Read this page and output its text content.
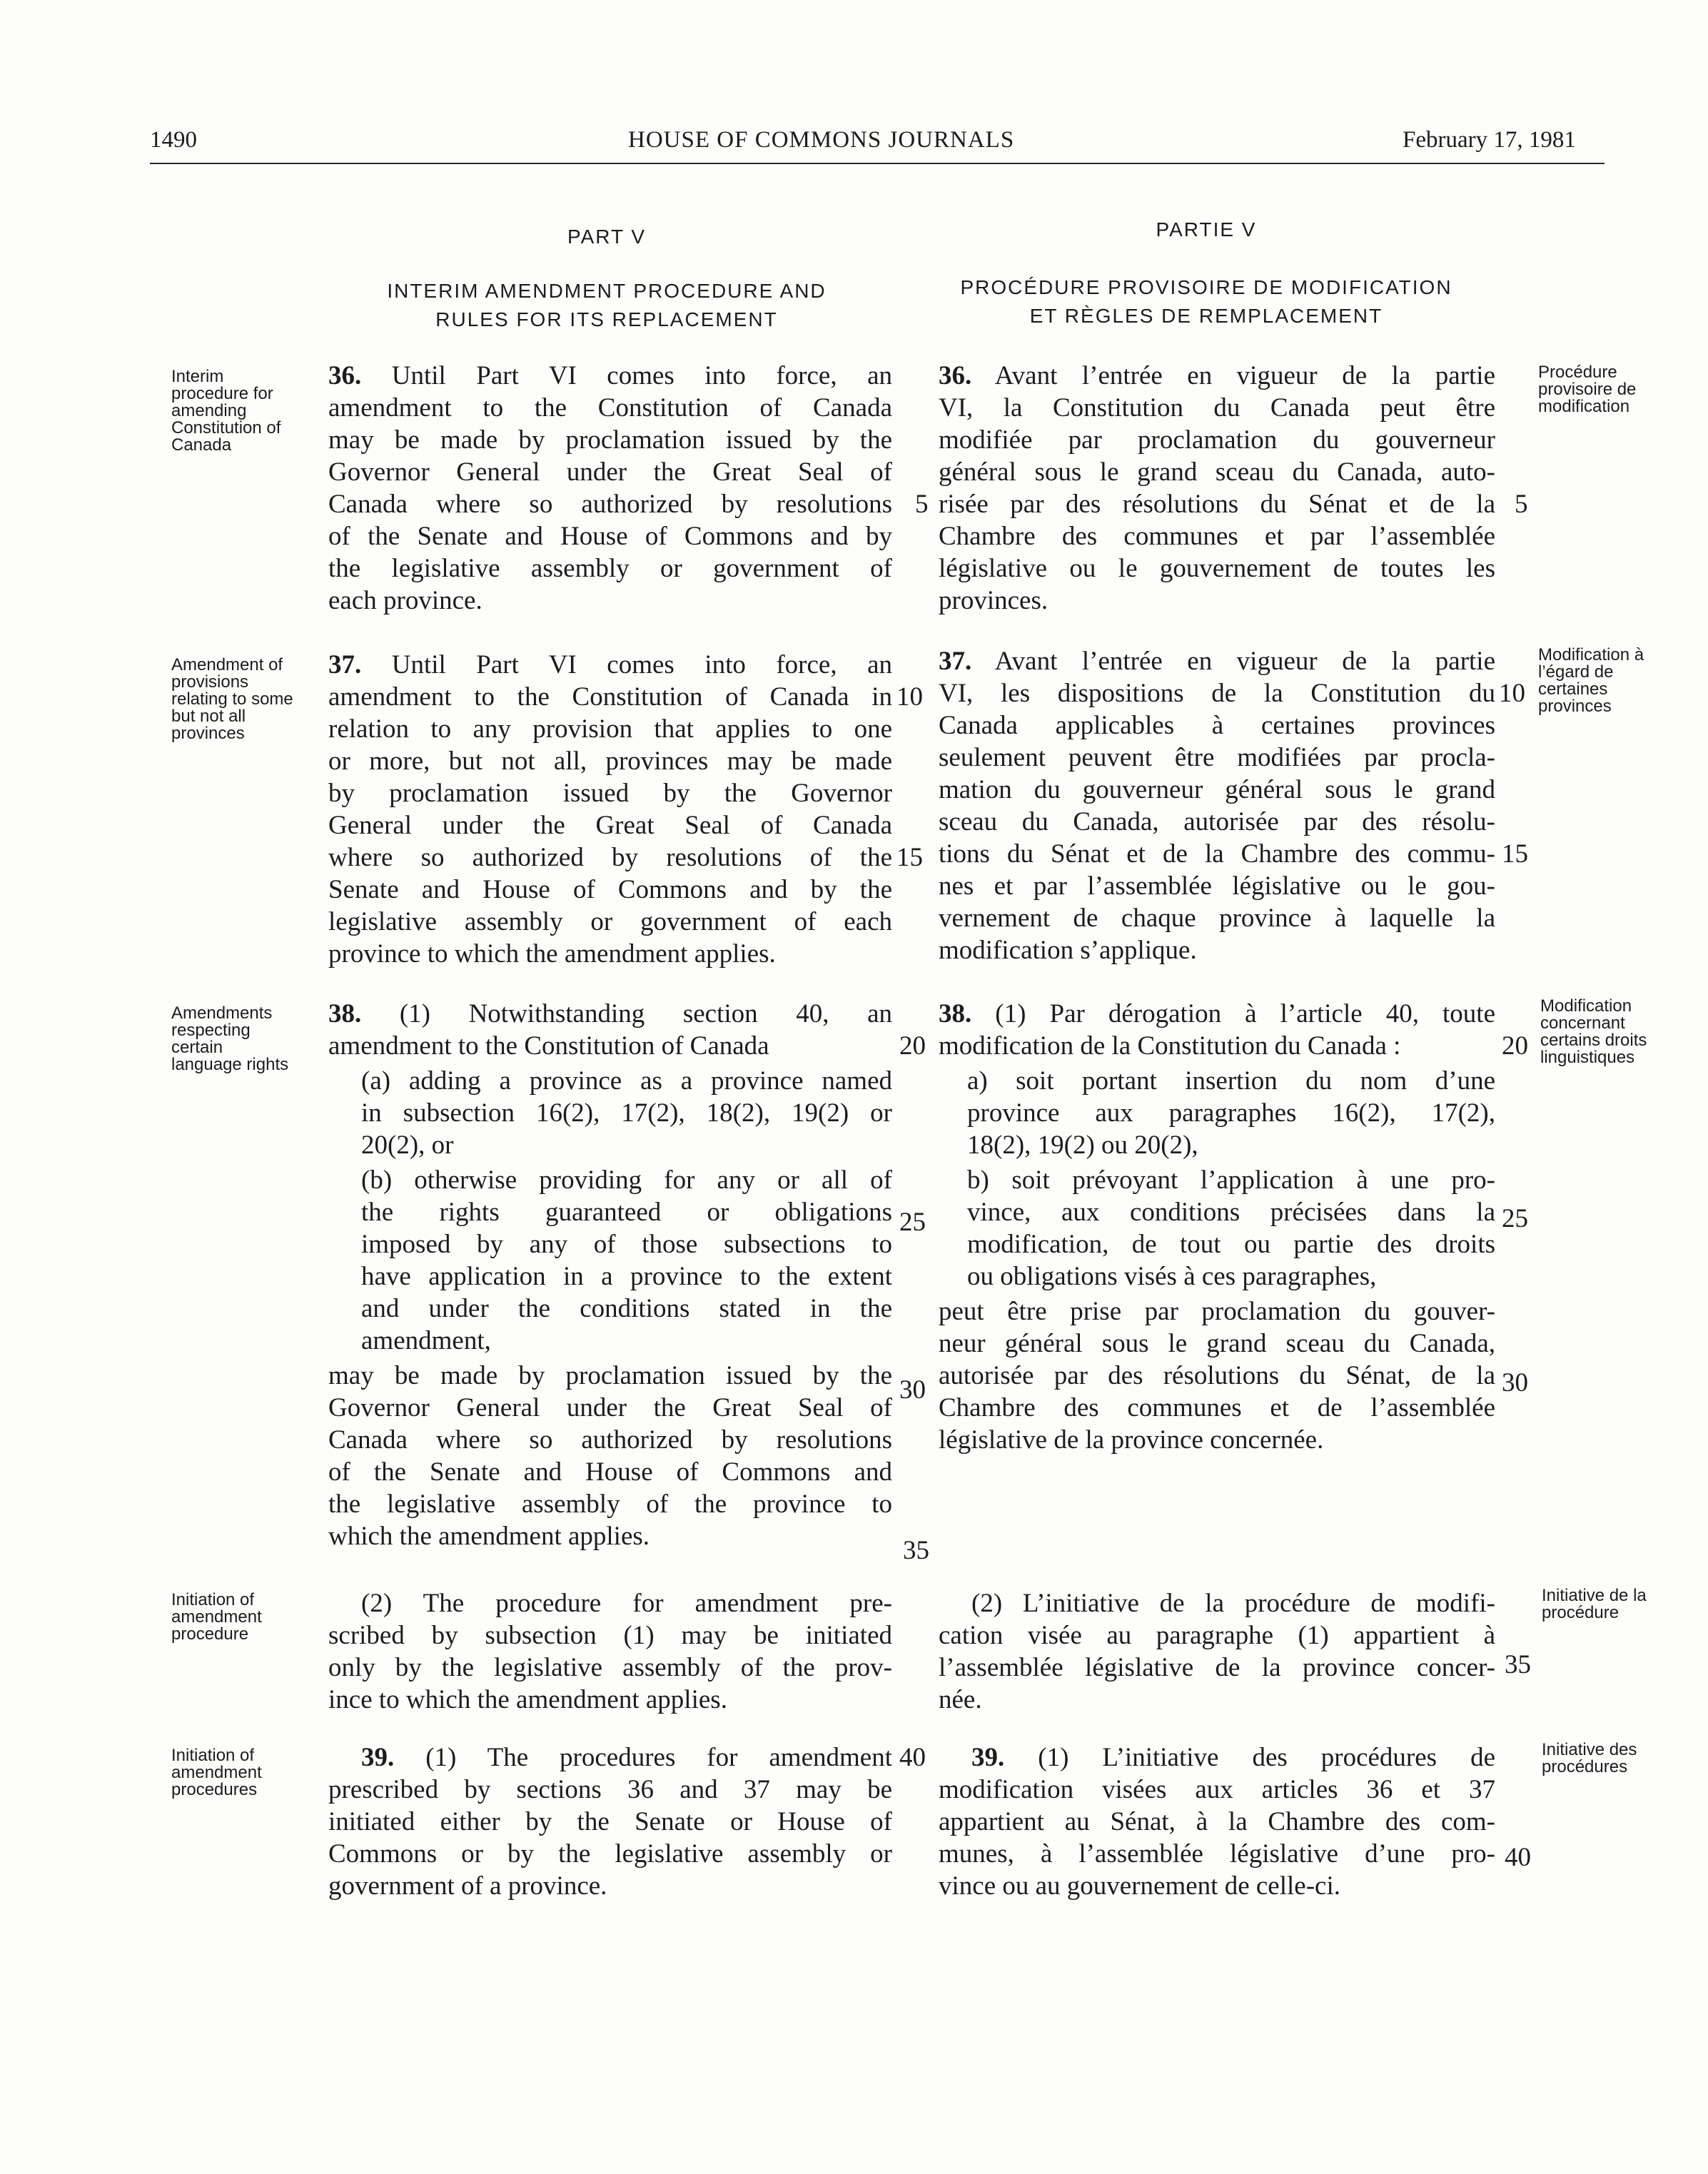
1490	HOUSE OF COMMONS JOURNALS	February 17, 1981
PART V	PARTIE V
INTERIM AMENDMENT PROCEDURE AND
RULES FOR ITS REPLACEMENT
PROCÉDURE PROVISOIRE DE MODIFICATION
ET RÈGLES DE REMPLACEMENT
Interim
procedure for
amending
Constitution of
Canada
36. Until Part VI comes into force, an
amendment to the Constitution of Canada
may be made by proclamation issued by the
Governor General under the Great Seal of
Canada where so authorized by resolutions
of the Senate and House of Commons and by
the legislative assembly or government of
each province.
36. Avant l’entrée en vigueur de la partie
VI, la Constitution du Canada peut être
modifiée par proclamation du gouverneur
général sous le grand sceau du Canada, auto-
risée par des résolutions du Sénat et de la
Chambre des communes et par l’assemblée
législative ou le gouvernement de toutes les
provinces.
Procédure
provisoire de
modification
Amendment of
provisions
relating to some
but not all
provinces
37. Until Part VI comes into force, an
amendment to the Constitution of Canada in
relation to any provision that applies to one
or more, but not all, provinces may be made
by proclamation issued by the Governor
General under the Great Seal of Canada
where so authorized by resolutions of the
Senate and House of Commons and by the
legislative assembly or government of each
province to which the amendment applies.
37. Avant l’entrée en vigueur de la partie
VI, les dispositions de la Constitution du
Canada applicables à certaines provinces
seulement peuvent être modifiées par procla-
mation du gouverneur général sous le grand
sceau du Canada, autorisée par des résolu-
tions du Sénat et de la Chambre des commu-
nes et par l’assemblée législative ou le gou-
vernement de chaque province à laquelle la
modification s’applique.
Modification à
l’égard de
certaines
provinces
Amendments
respecting
certain
language rights
38. (1) Notwithstanding section 40, an
amendment to the Constitution of Canada
(a) adding a province as a province named
in subsection 16(2), 17(2), 18(2), 19(2) or
20(2), or
(b) otherwise providing for any or all of
the rights guaranteed or obligations
imposed by any of those subsections to
have application in a province to the extent
and under the conditions stated in the
amendment,
may be made by proclamation issued by the
Governor General under the Great Seal of
Canada where so authorized by resolutions
of the Senate and House of Commons and
the legislative assembly of the province to
which the amendment applies.
38. (1) Par dérogation à l’article 40, toute
modification de la Constitution du Canada :
a) soit portant insertion du nom d’une
province aux paragraphes 16(2), 17(2),
18(2), 19(2) ou 20(2),
b) soit prévoyant l’application à une pro-
vince, aux conditions précisées dans la
modification, de tout ou partie des droits
ou obligations visés à ces paragraphes,
peut être prise par proclamation du gouver-
neur général sous le grand sceau du Canada,
autorisée par des résolutions du Sénat, de la
Chambre des communes et de l’assemblée
législative de la province concernée.
Modification
concernant
certains droits
linguistiques
Initiation of
amendment
procedure
(2) The procedure for amendment pre-
scribed by subsection (1) may be initiated
only by the legislative assembly of the prov-
ince to which the amendment applies.
(2) L’initiative de la procédure de modifi-
cation visée au paragraphe (1) appartient à
l’assemblée législative de la province concer-
née.
Initiative de la
procédure
Initiation of
amendment
procedures
39. (1) The procedures for amendment
prescribed by sections 36 and 37 may be
initiated either by the Senate or House of
Commons or by the legislative assembly or
government of a province.
39. (1) L’initiative des procédures de
modification visées aux articles 36 et 37
appartient au Sénat, à la Chambre des com-
munes, à l’assemblée législative d’une pro-
vince ou au gouvernement de celle-ci.
Initiative des
procédures
5
10
15
20
25
30
35
40
5
10
15
20
25
30
35
40
